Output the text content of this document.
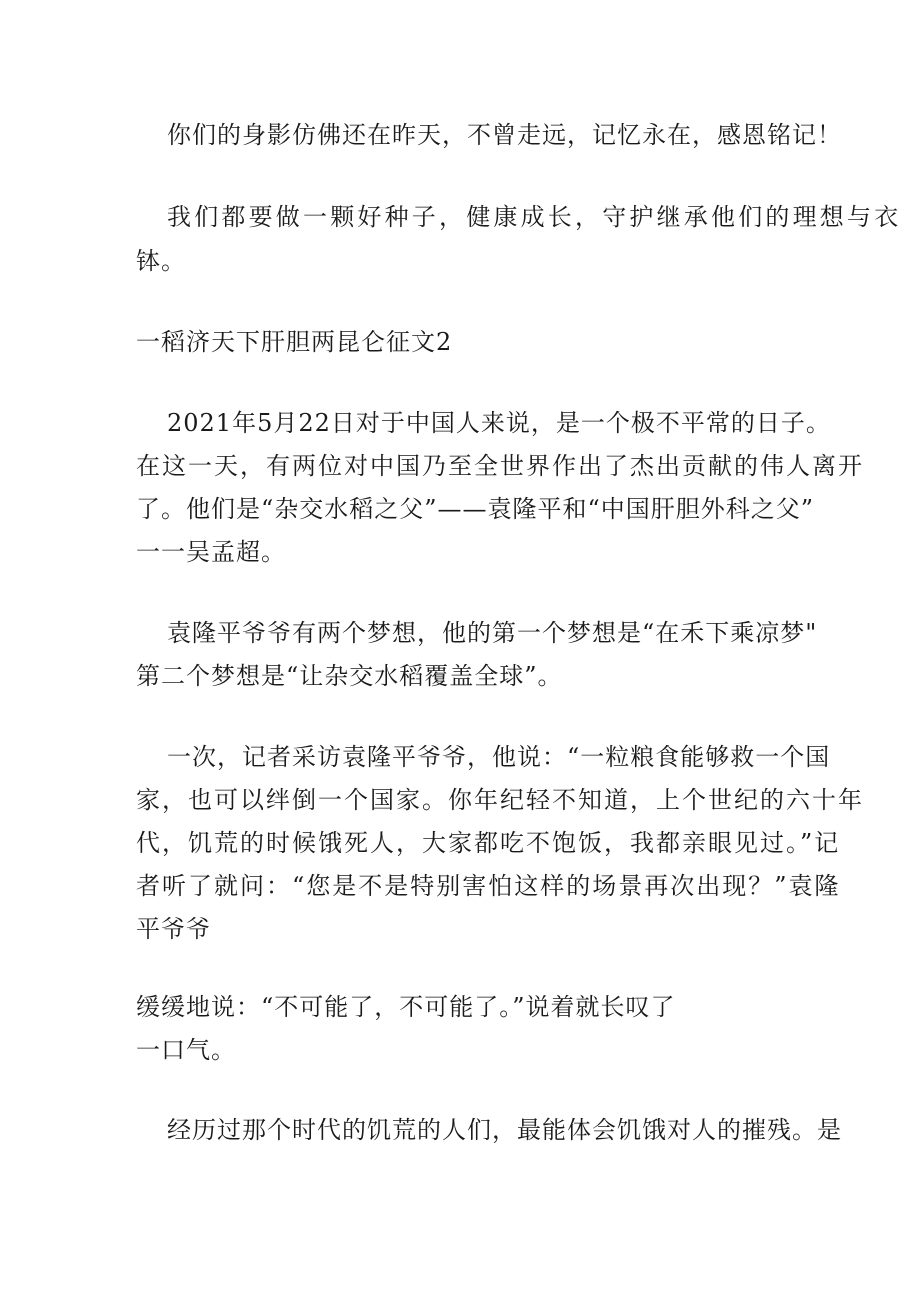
你们的身影仿佛还在昨天，不曾走远，记忆永在，感恩铭记！
我们都要做一颗好种子，健康成长，守护继承他们的理想与衣
钵。
一稻济天下肝胆两昆仑征文2
2021年5月22日对于中国人来说，是一个极不平常的日子。
在这一天，有两位对中国乃至全世界作出了杰出贡献的伟人离开
了。他们是“杂交水稻之父”——袁隆平和“中国肝胆外科之父”
一一吴孟超。
袁隆平爷爷有两个梦想，他的第一个梦想是“在禾下乘凉梦"
第二个梦想是“让杂交水稻覆盖全球”。
一次，记者采访袁隆平爷爷，他说：“一粒粮食能够救一个国
家，也可以绊倒一个国家。你年纪轻不知道，上个世纪的六十年
代，饥荒的时候饿死人，大家都吃不饱饭，我都亲眼见过。”记
者听了就问：“您是不是特别害怕这样的场景再次出现？”袁隆
平爷爷
缓缓地说：“不可能了，不可能了。”说着就长叹了
一口气。
经历过那个时代的饥荒的人们，最能体会饥饿对人的摧残。是
